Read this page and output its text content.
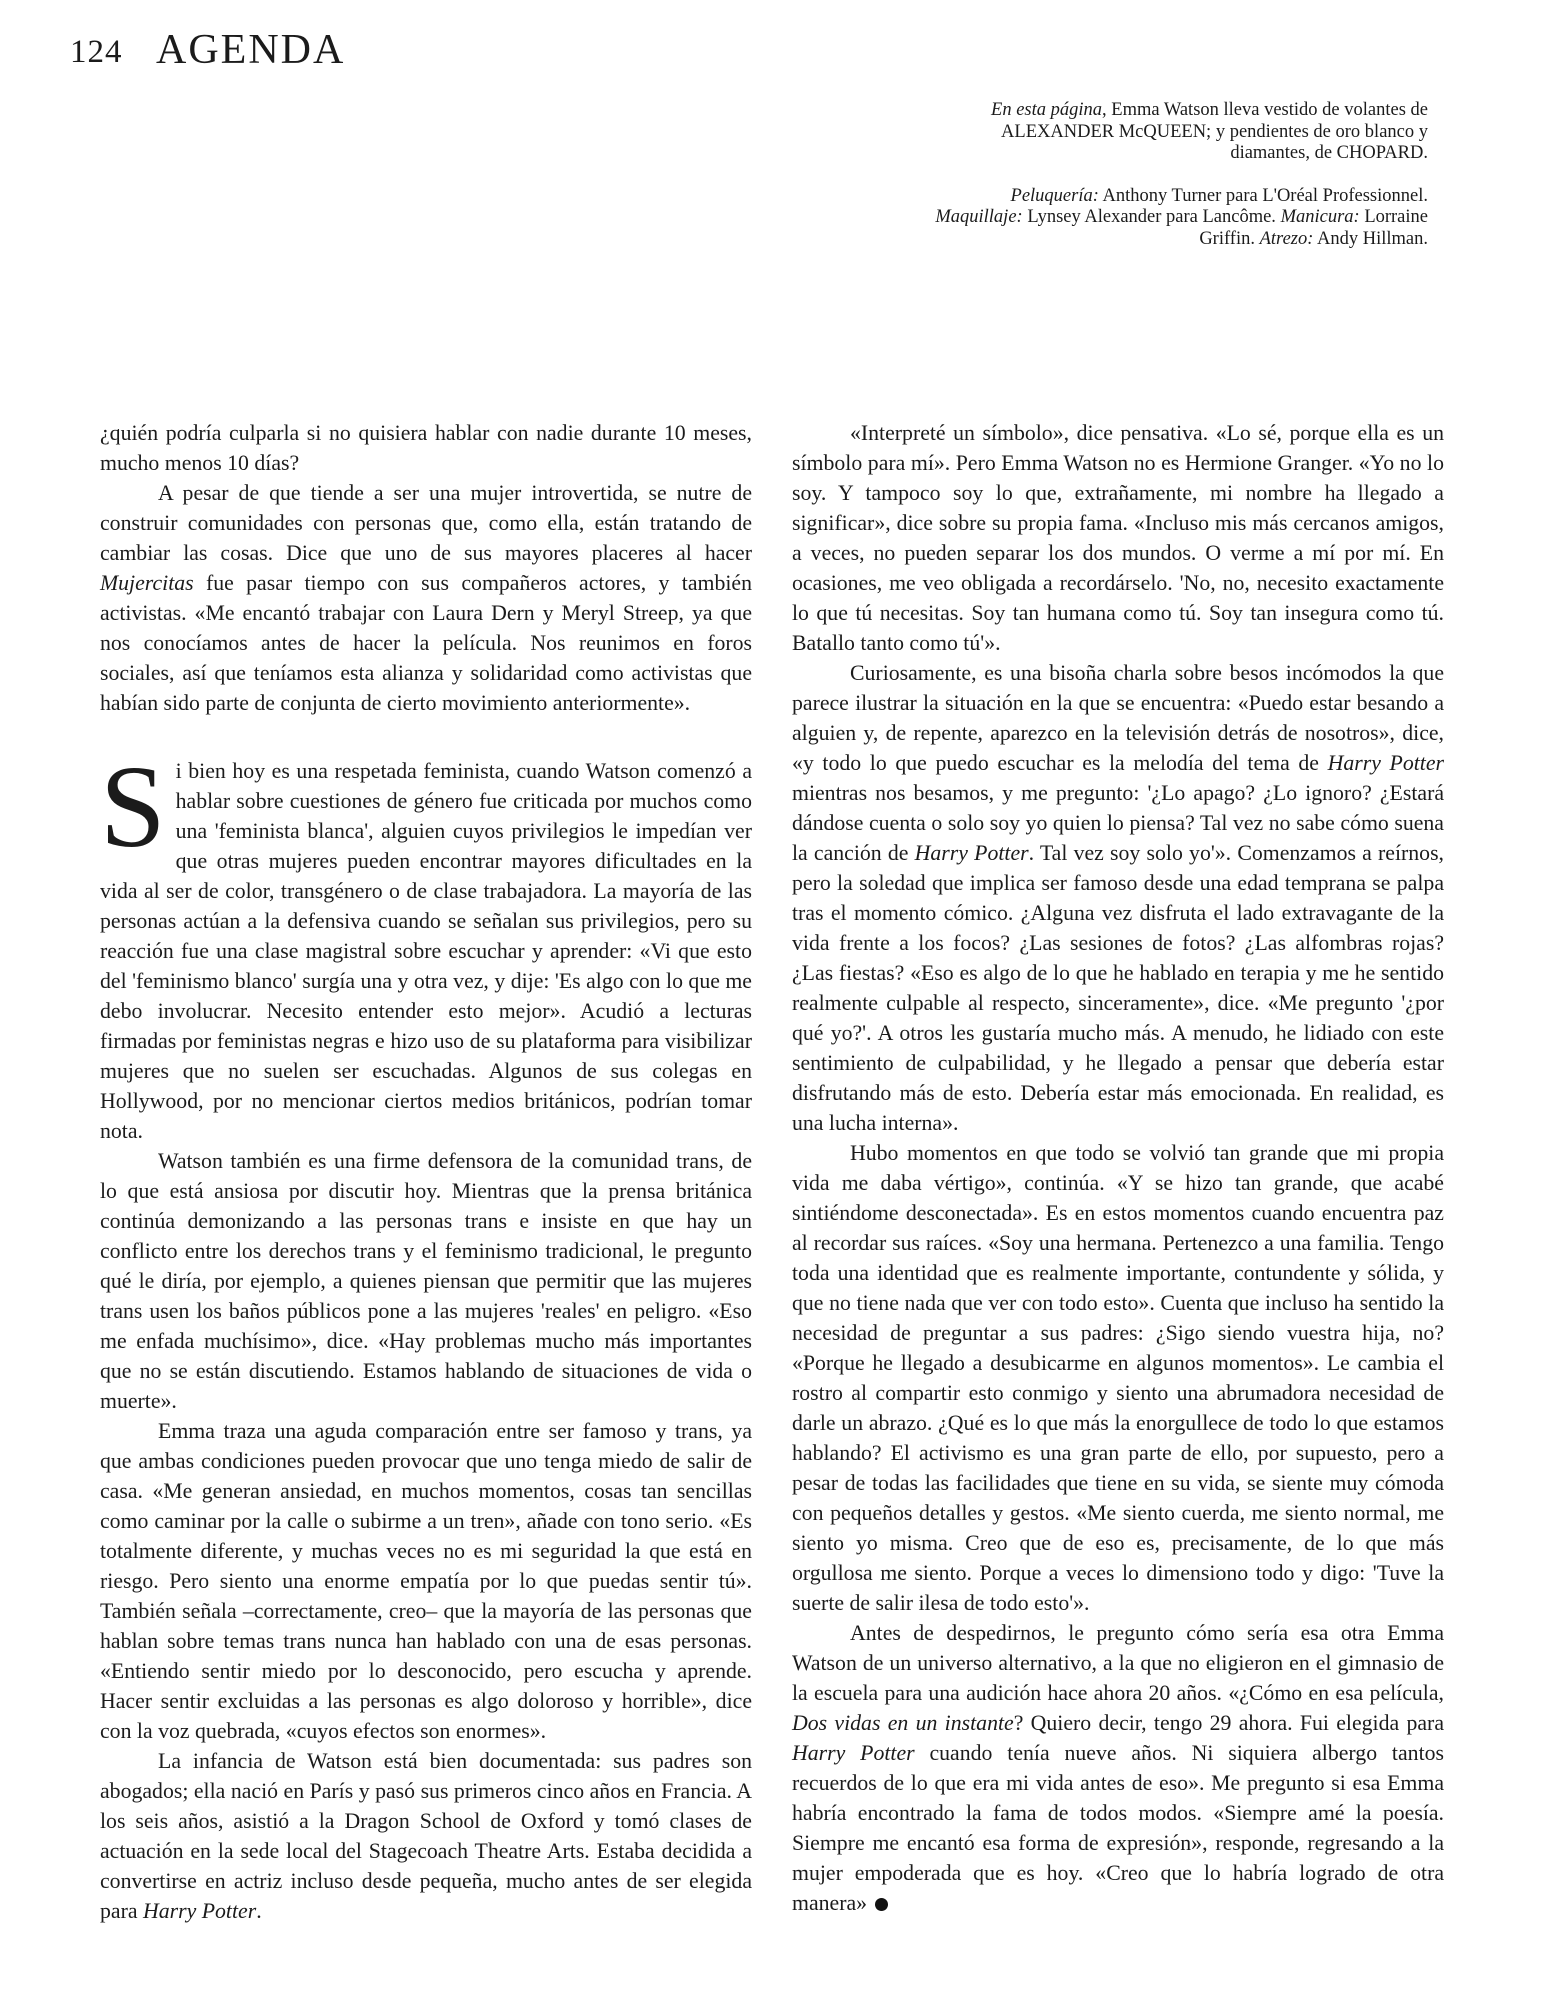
124 AGENDA

En esta página, Emma Watson lleva vestido de volantes de ALEXANDER McQUEEN; y pendientes de oro blanco y diamantes, de CHOPARD.

Peluquería: Anthony Turner para L'Oréal Professionnel. Maquillaje: Lynsey Alexander para Lancôme. Manicura: Lorraine Griffin. Atrezo: Andy Hillman.

¿quién podría culparla si no quisiera hablar con nadie durante 10 meses, mucho menos 10 días?

A pesar de que tiende a ser una mujer introvertida, se nutre de construir comunidades con personas que, como ella, están tratando de cambiar las cosas. Dice que uno de sus mayores placeres al hacer Mujercitas fue pasar tiempo con sus compañeros actores, y también activistas. «Me encantó trabajar con Laura Dern y Meryl Streep, ya que nos conocíamos antes de hacer la película. Nos reunimos en foros sociales, así que teníamos esta alianza y solidaridad como activistas que habían sido parte de conjunta de cierto movimiento anteriormente».

Si bien hoy es una respetada feminista, cuando Watson comenzó a hablar sobre cuestiones de género fue criticada por muchos como una 'feminista blanca', alguien cuyos privilegios le impedían ver que otras mujeres pueden encontrar mayores dificultades en la vida al ser de color, transgénero o de clase trabajadora. La mayoría de las personas actúan a la defensiva cuando se señalan sus privilegios, pero su reacción fue una clase magistral sobre escuchar y aprender: «Vi que esto del 'feminismo blanco' surgía una y otra vez, y dije: 'Es algo con lo que me debo involucrar. Necesito entender esto mejor». Acudió a lecturas firmadas por feministas negras e hizo uso de su plataforma para visibilizar mujeres que no suelen ser escuchadas. Algunos de sus colegas en Hollywood, por no mencionar ciertos medios británicos, podrían tomar nota.

Watson también es una firme defensora de la comunidad trans, de lo que está ansiosa por discutir hoy. Mientras que la prensa británica continúa demonizando a las personas trans e insiste en que hay un conflicto entre los derechos trans y el feminismo tradicional, le pregunto qué le diría, por ejemplo, a quienes piensan que permitir que las mujeres trans usen los baños públicos pone a las mujeres 'reales' en peligro. «Eso me enfada muchísimo», dice. «Hay problemas mucho más importantes que no se están discutiendo. Estamos hablando de situaciones de vida o muerte».

Emma traza una aguda comparación entre ser famoso y trans, ya que ambas condiciones pueden provocar que uno tenga miedo de salir de casa. «Me generan ansiedad, en muchos momentos, cosas tan sencillas como caminar por la calle o subirme a un tren», añade con tono serio. «Es totalmente diferente, y muchas veces no es mi seguridad la que está en riesgo. Pero siento una enorme empatía por lo que puedas sentir tú». También señala –correctamente, creo– que la mayoría de las personas que hablan sobre temas trans nunca han hablado con una de esas personas. «Entiendo sentir miedo por lo desconocido, pero escucha y aprende. Hacer sentir excluidas a las personas es algo doloroso y horrible», dice con la voz quebrada, «cuyos efectos son enormes».

La infancia de Watson está bien documentada: sus padres son abogados; ella nació en París y pasó sus primeros cinco años en Francia. A los seis años, asistió a la Dragon School de Oxford y tomó clases de actuación en la sede local del Stagecoach Theatre Arts. Estaba decidida a convertirse en actriz incluso desde pequeña, mucho antes de ser elegida para Harry Potter.

«Interpreté un símbolo», dice pensativa. «Lo sé, porque ella es un símbolo para mí». Pero Emma Watson no es Hermione Granger. «Yo no lo soy. Y tampoco soy lo que, extrañamente, mi nombre ha llegado a significar», dice sobre su propia fama. «Incluso mis más cercanos amigos, a veces, no pueden separar los dos mundos. O verme a mí por mí. En ocasiones, me veo obligada a recordárselo. 'No, no, necesito exactamente lo que tú necesitas. Soy tan humana como tú. Soy tan insegura como tú. Batallo tanto como tú'».

Curiosamente, es una bisoña charla sobre besos incómodos la que parece ilustrar la situación en la que se encuentra: «Puedo estar besando a alguien y, de repente, aparezco en la televisión detrás de nosotros», dice, «y todo lo que puedo escuchar es la melodía del tema de Harry Potter mientras nos besamos, y me pregunto: '¿Lo apago? ¿Lo ignoro? ¿Estará dándose cuenta o solo soy yo quien lo piensa? Tal vez no sabe cómo suena la canción de Harry Potter. Tal vez soy solo yo'». Comenzamos a reírnos, pero la soledad que implica ser famoso desde una edad temprana se palpa tras el momento cómico. ¿Alguna vez disfruta el lado extravagante de la vida frente a los focos? ¿Las sesiones de fotos? ¿Las alfombras rojas? ¿Las fiestas? «Eso es algo de lo que he hablado en terapia y me he sentido realmente culpable al respecto, sinceramente», dice. «Me pregunto '¿por qué yo?'. A otros les gustaría mucho más. A menudo, he lidiado con este sentimiento de culpabilidad, y he llegado a pensar que debería estar disfrutando más de esto. Debería estar más emocionada. En realidad, es una lucha interna».

Hubo momentos en que todo se volvió tan grande que mi propia vida me daba vértigo», continúa. «Y se hizo tan grande, que acabé sintiéndome desconectada». Es en estos momentos cuando encuentra paz al recordar sus raíces. «Soy una hermana. Pertenezco a una familia. Tengo toda una identidad que es realmente importante, contundente y sólida, y que no tiene nada que ver con todo esto». Cuenta que incluso ha sentido la necesidad de preguntar a sus padres: ¿Sigo siendo vuestra hija, no? «Porque he llegado a desubicarme en algunos momentos». Le cambia el rostro al compartir esto conmigo y siento una abrumadora necesidad de darle un abrazo. ¿Qué es lo que más la enorgullece de todo lo que estamos hablando? El activismo es una gran parte de ello, por supuesto, pero a pesar de todas las facilidades que tiene en su vida, se siente muy cómoda con pequeños detalles y gestos. «Me siento cuerda, me siento normal, me siento yo misma. Creo que de eso es, precisamente, de lo que más orgullosa me siento. Porque a veces lo dimensiono todo y digo: 'Tuve la suerte de salir ilesa de todo esto'».

Antes de despedirnos, le pregunto cómo sería esa otra Emma Watson de un universo alternativo, a la que no eligieron en el gimnasio de la escuela para una audición hace ahora 20 años. «¿Cómo en esa película, Dos vidas en un instante? Quiero decir, tengo 29 ahora. Fui elegida para Harry Potter cuando tenía nueve años. Ni siquiera albergo tantos recuerdos de lo que era mi vida antes de eso». Me pregunto si esa Emma habría encontrado la fama de todos modos. «Siempre amé la poesía. Siempre me encantó esa forma de expresión», responde, regresando a la mujer empoderada que es hoy. «Creo que lo habría logrado de otra manera»
